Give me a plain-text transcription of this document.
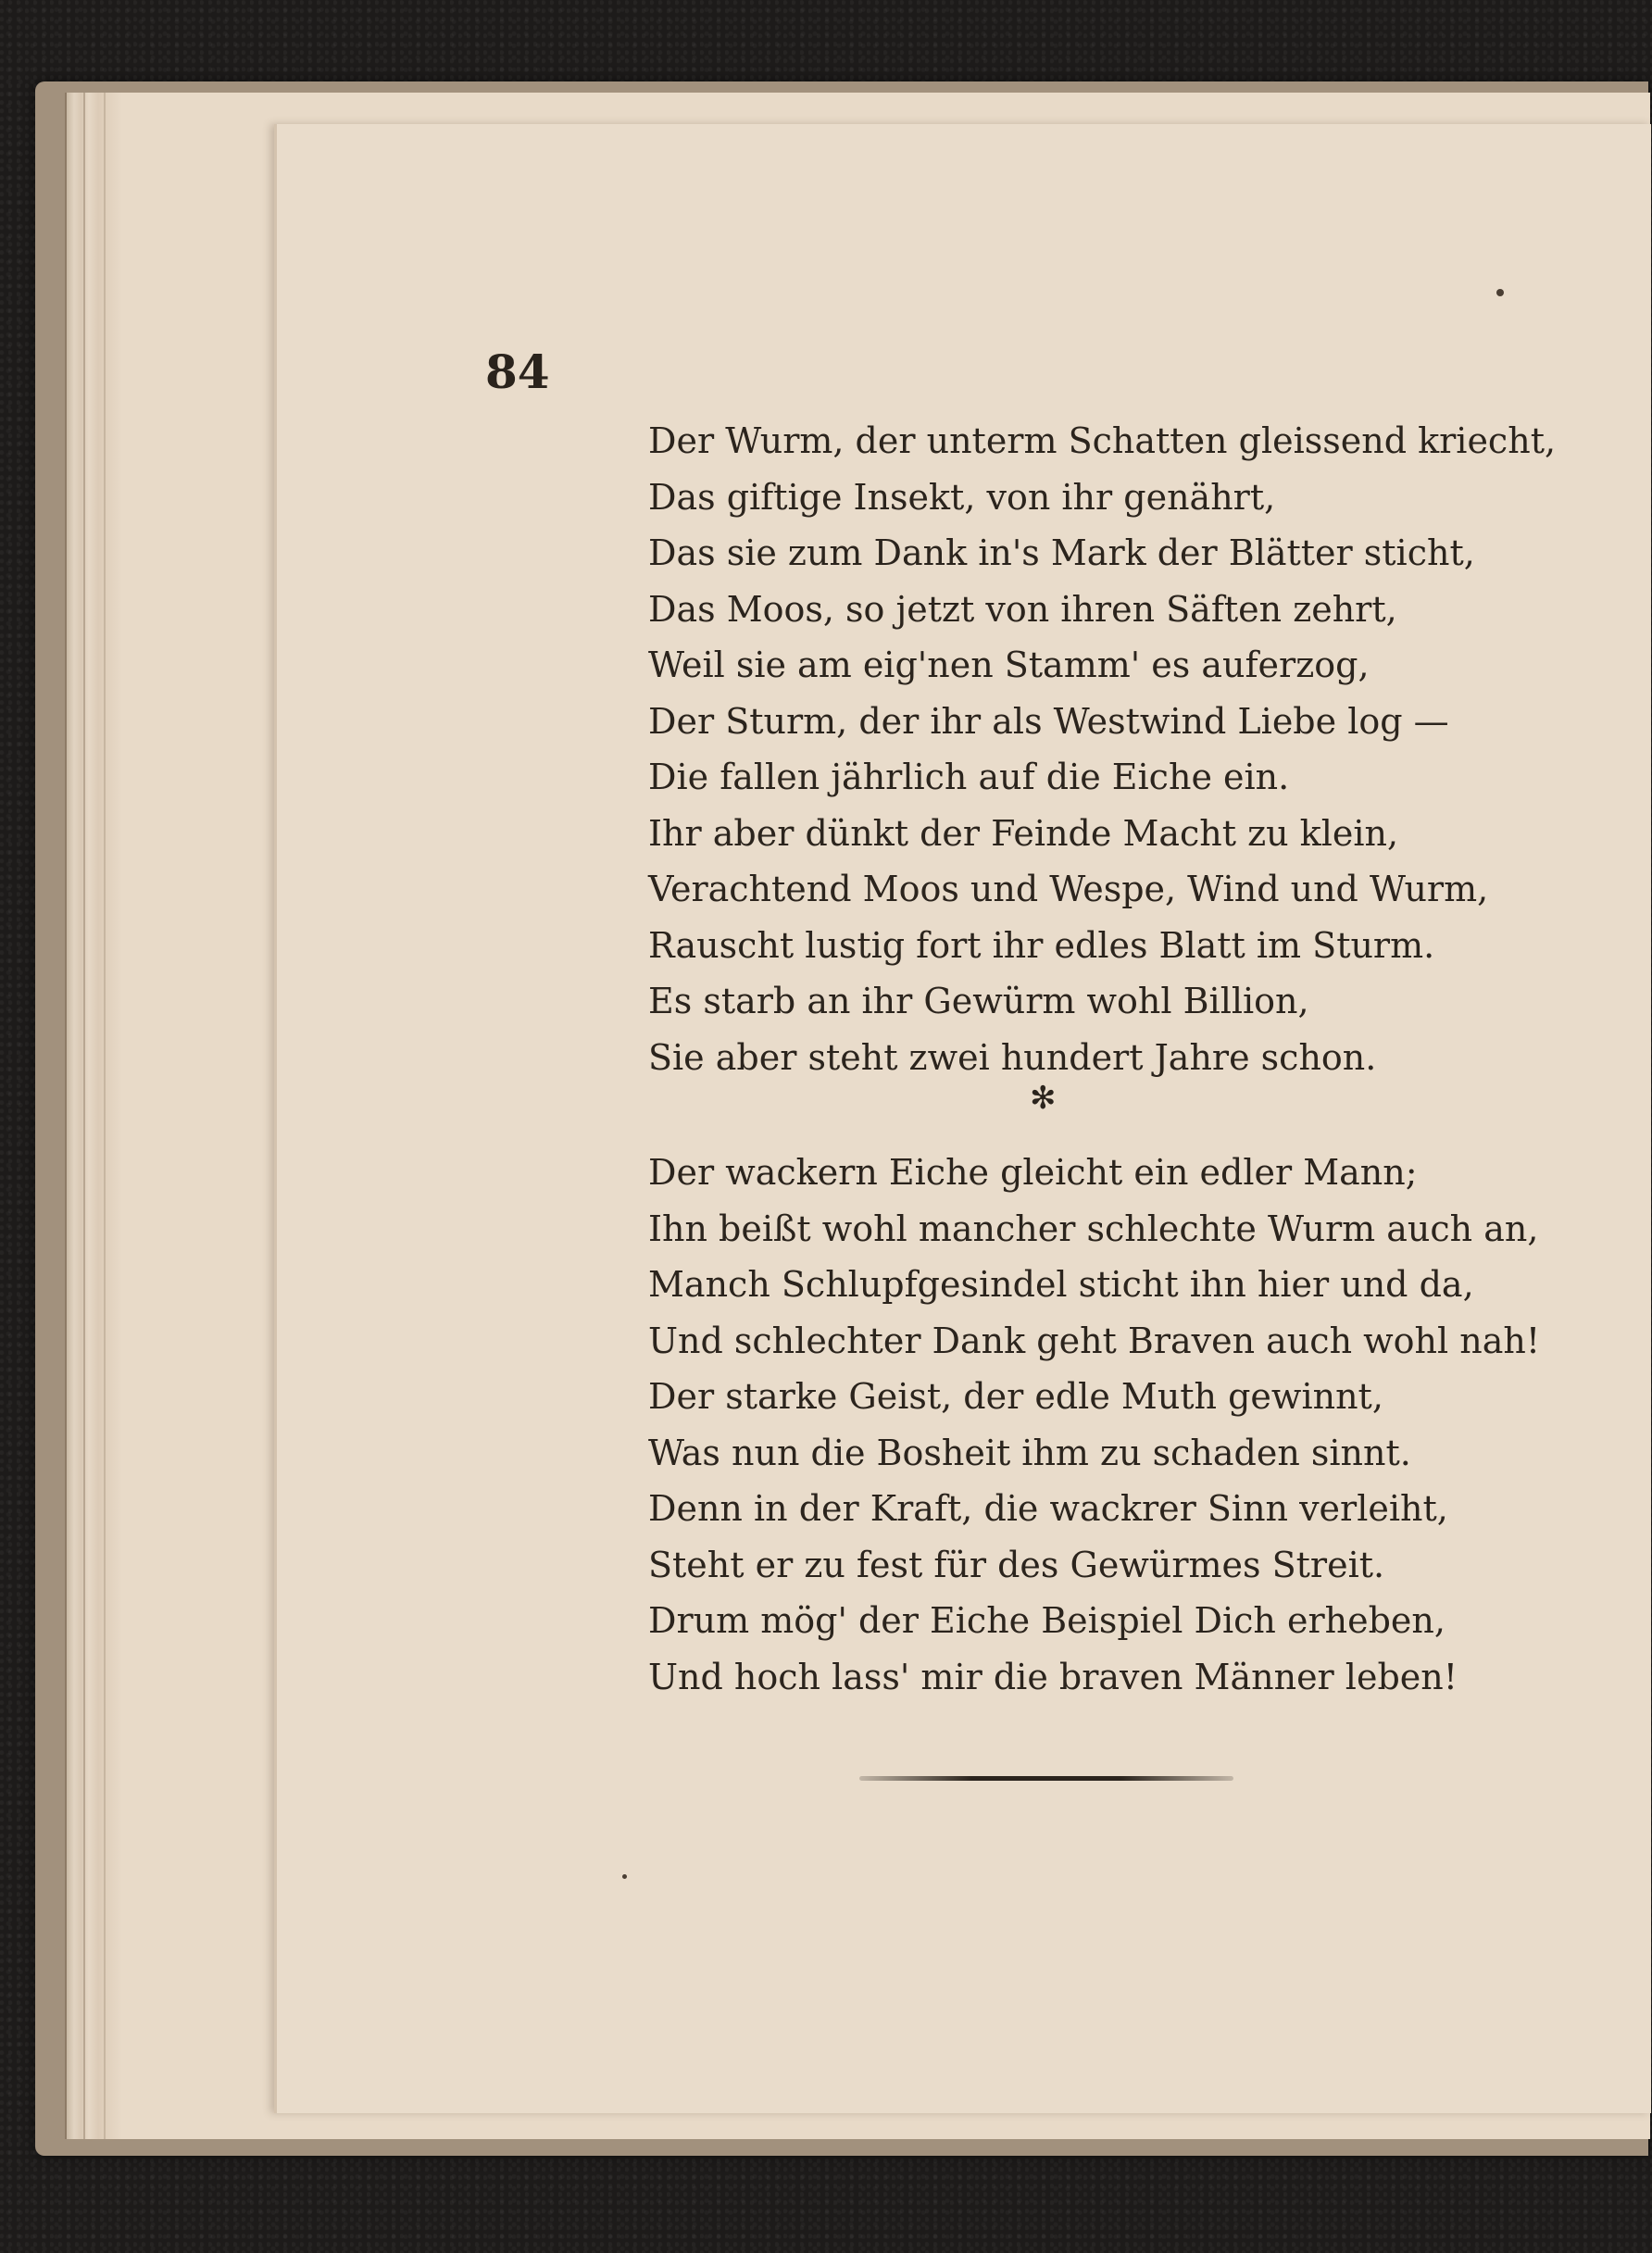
84
Der Wurm, der unterm Schatten gleissend kriecht,
Das giftige Insekt, von ihr genährt,
Das sie zum Dank in's Mark der Blätter sticht,
Das Moos, so jetzt von ihren Säften zehrt,
Weil sie am eig'nen Stamm' es auferzog,
Der Sturm, der ihr als Westwind Liebe log —
Die fallen jährlich auf die Eiche ein.
Ihr aber dünkt der Feinde Macht zu klein,
Verachtend Moos und Wespe, Wind und Wurm,
Rauscht lustig fort ihr edles Blatt im Sturm.
Es starb an ihr Gewürm wohl Billion,
Sie aber steht zwei hundert Jahre schon.
✻
Der wackern Eiche gleicht ein edler Mann;
Ihn beißt wohl mancher schlechte Wurm auch an,
Manch Schlupfgesindel sticht ihn hier und da,
Und schlechter Dank geht Braven auch wohl nah!
Der starke Geist, der edle Muth gewinnt,
Was nun die Bosheit ihm zu schaden sinnt.
Denn in der Kraft, die wackrer Sinn verleiht,
Steht er zu fest für des Gewürmes Streit.
Drum mög' der Eiche Beispiel Dich erheben,
Und hoch lass' mir die braven Männer leben!
